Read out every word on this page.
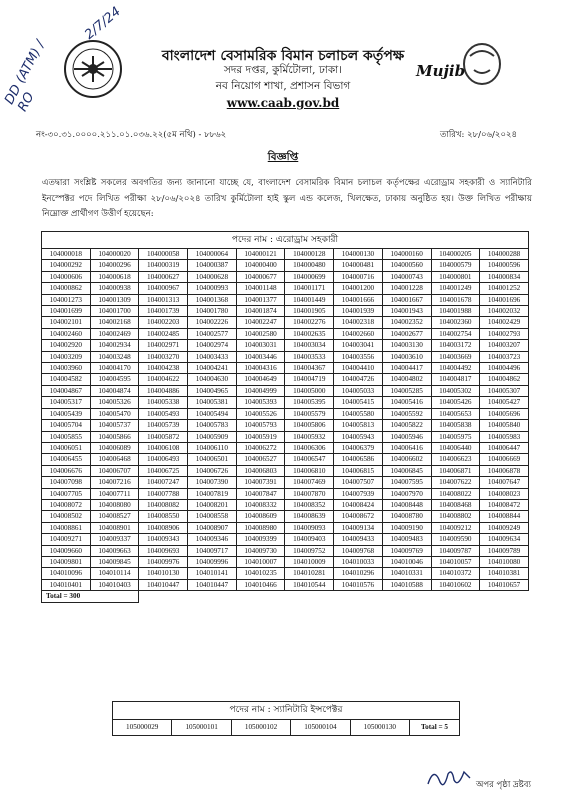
DD (ATM) / RO
2/7/24
Mujib
বাংলাদেশ বেসামরিক বিমান চলাচল কর্তৃপক্ষ
সদর দপ্তর, কুর্মিটোলা, ঢাকা।
নব নিয়োগ শাখা, প্রশাসন বিভাগ
www.caab.gov.bd
নং-৩০.৩১.০০০০.২১১.০১.০৩৬.২২(৫ম নথি) - ৮৮৬২	তারিখ: ২৮/০৬/২০২৪
বিজ্ঞপ্তি
এতদ্বারা সংশ্লিষ্ট সকলের অবগতির জন্য জানানো যাচ্ছে যে, বাংলাদেশ বেসামরিক বিমান চলাচল কর্তৃপক্ষের এরোড্রাম সহকারী ও স্যানিটারি ইনস্পেক্টর পদে লিখিত পরীক্ষা ২৮/০৬/২০২৪ তারিখ কুর্মিটোলা হাই স্কুল এন্ড কলেজ, খিলক্ষেত, ঢাকায় অনুষ্ঠিত হয়। উক্ত লিখিত পরীক্ষায় নিম্নোক্ত প্রার্থীগণ উত্তীর্ণ হয়েছেন:
পদের নাম : এরোড্রাম সহকারী									
104000018	104000020	104000058	104000064	104000121	104000128	104000130	104000160	104000205	104000288
104000292	104000296	104000319	104000387	104000400	104000480	104000481	104000560	104000579	104000596
104000606	104000618	104000627	104000628	104000677	104000699	104000716	104000743	104000801	104000834
104000862	104000938	104000967	104000993	104001148	104001171	104001200	104001228	104001249	104001252
104001273	104001309	104001313	104001368	104001377	104001449	104001666	104001667	104001678	104001696
104001699	104001700	104001739	104001780	104001874	104001905	104001939	104001943	104001988	104002032
104002101	104002168	104002203	104002226	104002247	104002276	104002318	104002352	104002360	104002429
104002460	104002469	104002485	104002577	104002580	104002635	104002660	104002677	104002754	104002793
104002920	104002934	104002971	104002974	104003031	104003034	104003041	104003130	104003172	104003207
104003209	104003248	104003270	104003433	104003446	104003533	104003556	104003610	104003669	104003723
104003960	104004170	104004238	104004241	104004316	104004367	104004410	104004417	104004492	104004496
104004582	104004595	104004622	104004630	104004649	104004719	104004726	104004802	104004817	104004862
104004867	104004874	104004886	104004965	104004999	104005000	104005033	104005285	104005302	104005307
104005317	104005326	104005338	104005381	104005393	104005395	104005415	104005416	104005426	104005427
104005439	104005470	104005493	104005494	104005526	104005579	104005580	104005592	104005653	104005696
104005704	104005737	104005739	104005783	104005793	104005806	104005813	104005822	104005838	104005840
104005855	104005866	104005872	104005909	104005919	104005932	104005943	104005946	104005975	104005983
104006051	104006089	104006108	104006110	104006272	104006306	104006379	104006416	104006440	104006447
104006455	104006468	104006493	104006501	104006527	104006547	104006586	104006602	104006623	104006669
104006676	104006707	104006725	104006726	104006803	104006810	104006815	104006845	104006871	104006878
104007098	104007216	104007247	104007390	104007391	104007469	104007507	104007595	104007622	104007647
104007705	104007711	104007788	104007819	104007847	104007870	104007939	104007970	104008022	104008023
104008072	104008080	104008082	104008201	104008332	104008352	104008424	104008448	104008468	104008472
104008502	104008527	104008550	104008558	104008609	104008639	104008672	104008780	104008802	104008844
104008861	104008901	104008906	104008907	104008980	104009093	104009134	104009190	104009212	104009249
104009271	104009337	104009343	104009346	104009399	104009403	104009433	104009483	104009590	104009634
104009660	104009663	104009693	104009717	104009730	104009752	104009768	104009769	104009787	104009789
104009801	104009845	104009976	104009996	104010007	104010009	104010033	104010046	104010057	104010080
104010096	104010114	104010130	104010141	104010235	104010281	104010296	104010331	104010372	104010381
104010401	104010403	104010447	104010447	104010466	104010544	104010576	104010588	104010602	104010657
Total = 300									
পদের নাম : স্যানিটারি ইন্সপেক্টর
105000029	105000101	105000102	105000104	105000130	Total = 5
অপর পৃষ্ঠা দ্রষ্টব্য
